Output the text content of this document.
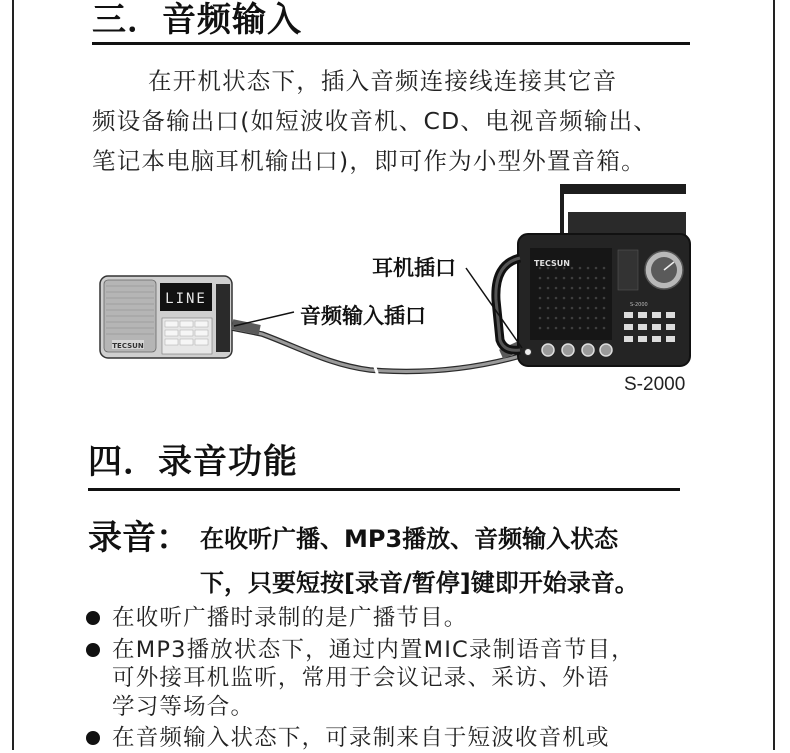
三．音频输入
在开机状态下，插入音频连接线连接其它音
频设备输出口(如短波收音机、CD、电视音频输出、
笔记本电脑耳机输出口)，即可作为小型外置音箱。
LINE
TECSUN
TECSUN
S-2000
耳机插口
音频输入插口
S-2000
四．录音功能
录音： 在收听广播、MP3播放、音频输入状态
下，只要短按[录音/暂停]键即开始录音。
在收听广播时录制的是广播节目。
在MP3播放状态下，通过内置MIC录制语音节目，
可外接耳机监听，常用于会议记录、采访、外语
学习等场合。
在音频输入状态下，可录制来自于短波收音机或
